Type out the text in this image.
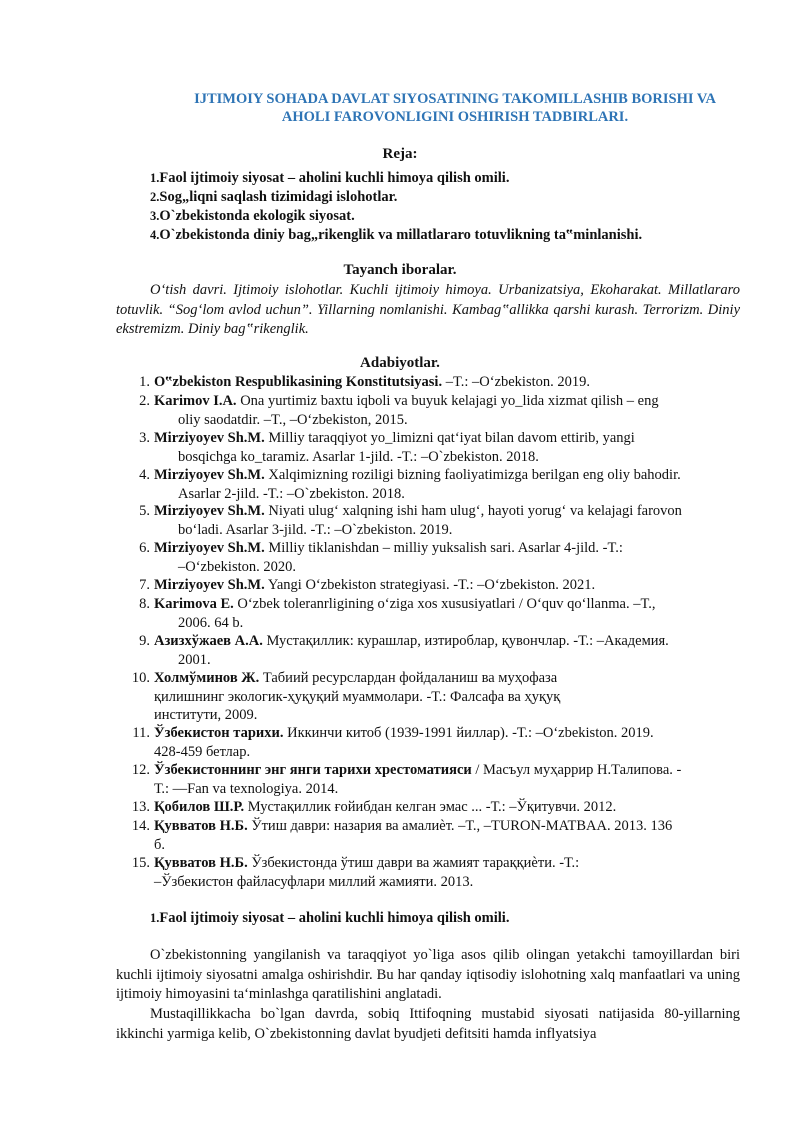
IJTIMOIY SOHADA DAVLAT SIYOSATINING TAKOMILLASHIB BORISHI VA
AHOLI FAROVONLIGINI OSHIRISH TADBIRLARI.
Reja:
1.Faol ijtimoiy siyosat – aholini kuchli himoya qilish omili.
2.Sog„liqni saqlash tizimidagi islohotlar.
3.O`zbekistonda ekologik siyosat.
4.O`zbekistonda diniy bag„rikenglik va millatlararo totuvlikning ta‟minlanishi.
Tayanch iboralar.
O‘tish davri. Ijtimoiy islohotlar. Kuchli ijtimoiy himoya. Urbanizatsiya, Ekoharakat. Millatlararo totuvlik. “Sog‘lom avlod uchun”. Yillarning nomlanishi. Kambag‟allikka qarshi kurash. Terrorizm. Diniy ekstremizm. Diniy bag‟rikenglik.
Adabiyotlar.
1. O‟zbekiston Respublikasining Konstitutsiyasi. –T.: –O‘zbekiston. 2019.
2. Karimov I.A. Ona yurtimiz baxtu iqboli va buyuk kelajagi yo_lida xizmat qilish – eng
oliy saodatdir. –T., –O‘zbekiston, 2015.
3. Mirziyoyev Sh.M. Milliy taraqqiyot yo_limizni qat‘iyat bilan davom ettirib, yangi
bosqichga ko_taramiz. Asarlar 1-jild. -T.: –O`zbekiston. 2018.
4. Mirziyoyev Sh.M. Xalqimizning roziligi bizning faoliyatimizga berilgan eng oliy bahodir.
Asarlar 2-jild. -T.: –O`zbekiston. 2018.
5. Mirziyoyev Sh.M. Niyati ulug‘ xalqning ishi ham ulug‘, hayoti yorug‘ va kelajagi farovon
bo‘ladi. Asarlar 3-jild. -T.: –O`zbekiston. 2019.
6. Mirziyoyev Sh.M. Milliy tiklanishdan – milliy yuksalish sari. Asarlar 4-jild. -T.:
–O‘zbekiston. 2020.
7. Mirziyoyev Sh.M. Yangi O‘zbekiston strategiyasi. -T.: –O‘zbekiston. 2021.
8. Karimova E. O‘zbek toleranrligining o‘ziga xos xususiyatlari / O‘quv qo‘llanma. –T.,
2006. 64 b.
9. Азизхўжаев А.А. Мустақиллик: курашлар, изтироблар, қувончлар. -Т.: –Академия.
2001.
10. Холмўминов Ж. Табиий ресурслардан фойдаланиш ва муҳофаза
қилишнинг экологик-ҳуқуқий муаммолари. -Т.: Фалсафа ва ҳуқуқ
институти, 2009.
11. Ўзбекистон тарихи. Иккинчи китоб (1939-1991 йиллар). -Т.: –O‘zbekiston. 2019.
428-459 бетлар.
12. Ўзбекистоннинг энг янги тарихи хрестоматияси / Масъул муҳаррир Н.Талипова. -
Т.: —Fan va texnologiya. 2014.
13. Қобилов Ш.Р. Мустақиллик ғойибдан келган эмас ... -Т.: –Ўқитувчи. 2012.
14. Қувватов Н.Б. Ўтиш даври: назария ва амалиѐт. –Т., –TURON-MATBAA. 2013. 136
б.
15. Қувватов Н.Б. Ўзбекистонда ўтиш даври ва жамият тараққиѐти. -Т.:
–Ўзбекистон файласуфлари миллий жамияти. 2013.
1.Faol ijtimoiy siyosat – aholini kuchli himoya qilish omili.
O`zbekistonning yangilanish va taraqqiyot yo`liga asos qilib olingan yetakchi tamoyillardan biri kuchli ijtimoiy siyosatni amalga oshirishdir. Bu har qanday iqtisodiy islohotning xalq manfaatlari va uning ijtimoiy himoyasini ta‘minlashga qaratilishini anglatadi.
Mustaqillikkacha bo`lgan davrda, sobiq Ittifoqning mustabid siyosati natijasida 80-yillarning ikkinchi yarmiga kelib, O`zbekistonning davlat byudjeti defitsiti hamda inflyatsiya
